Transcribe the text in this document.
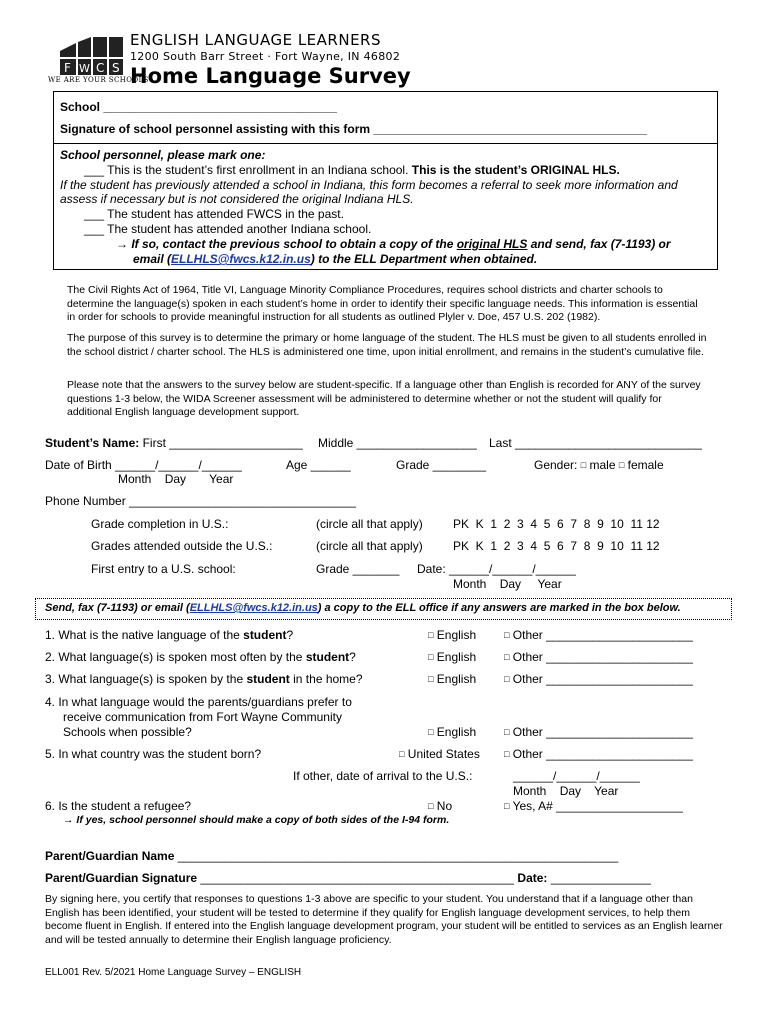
F W C S
WE ARE YOUR SCHOOLS
ENGLISH LANGUAGE LEARNERS
1200 South Barr Street · Fort Wayne, IN 46802
Home Language Survey
School ___________________________________
Signature of school personnel assisting with this form _________________________________________
School personnel, please mark one:
___ This is the student’s first enrollment in an Indiana school. This is the student’s ORIGINAL HLS.
If the student has previously attended a school in Indiana, this form becomes a referral to seek more information and
assess if necessary but is not considered the original Indiana HLS.
___ The student has attended FWCS in the past.
___ The student has attended another Indiana school.
→ If so, contact the previous school to obtain a copy of the original HLS and send, fax (7-1193) or
email (ELLHLS@fwcs.k12.in.us) to the ELL Department when obtained.
The Civil Rights Act of 1964, Title VI, Language Minority Compliance Procedures, requires school districts and charter schools to determine the language(s) spoken in each student’s home in order to identify their specific language needs. This information is essential in order for schools to provide meaningful instruction for all students as outlined Plyler v. Doe, 457 U.S. 202 (1982).
The purpose of this survey is to determine the primary or home language of the student. The HLS must be given to all students enrolled in the school district / charter school. The HLS is administered one time, upon initial enrollment, and remains in the student’s cumulative file.
Please note that the answers to the survey below are student-specific. If a language other than English is recorded for ANY of the survey questions 1-3 below, the WIDA Screener assessment will be administered to determine whether or not the student will qualify for additional English language development support.
Student’s Name: First ____________________ Middle __________________ Last ____________________________
Date of Birth ______/______/______
Month    Day       Year
Age ______	Grade ________	Gender: □ male □ female
Phone Number __________________________________
Grade completion in U.S.:	(circle all that apply)	PK  K  1  2  3  4  5  6  7  8  9  10  11 12
Grades attended outside the U.S.:	(circle all that apply)	PK  K  1  2  3  4  5  6  7  8  9  10  11 12
First entry to a U.S. school:	Grade _______ Date: ______/______/______
Month    Day     Year
Send, fax (7-1193) or email (ELLHLS@fwcs.k12.in.us) a copy to the ELL office if any answers are marked in the box below.
1. What is the native language of the student?	□ English	□ Other ______________________
2. What language(s) is spoken most often by the student?	□ English	□ Other ______________________
3. What language(s) is spoken by the student in the home?	□ English	□ Other ______________________
4. In what language would the parents/guardians prefer to
receive communication from Fort Wayne Community
Schools when possible?	□ English	□ Other ______________________
5. In what country was the student born?	□ United States	□ Other ______________________
If other, date of arrival to the U.S.:	______/______/______
Month    Day    Year
6. Is the student a refugee?	□ No	□ Yes, A# ___________________
→ If yes, school personnel should make a copy of both sides of the I-94 form.
Parent/Guardian Name __________________________________________________________________
Parent/Guardian Signature _______________________________________________ Date: _______________
By signing here, you certify that responses to questions 1-3 above are specific to your student. You understand that if a language other than English has been identified, your student will be tested to determine if they qualify for English language development services, to help them become fluent in English. If entered into the English language development program, your student will be entitled to services as an English learner and will be tested annually to determine their English language proficiency.
ELL001 Rev. 5/2021 Home Language Survey – ENGLISH
